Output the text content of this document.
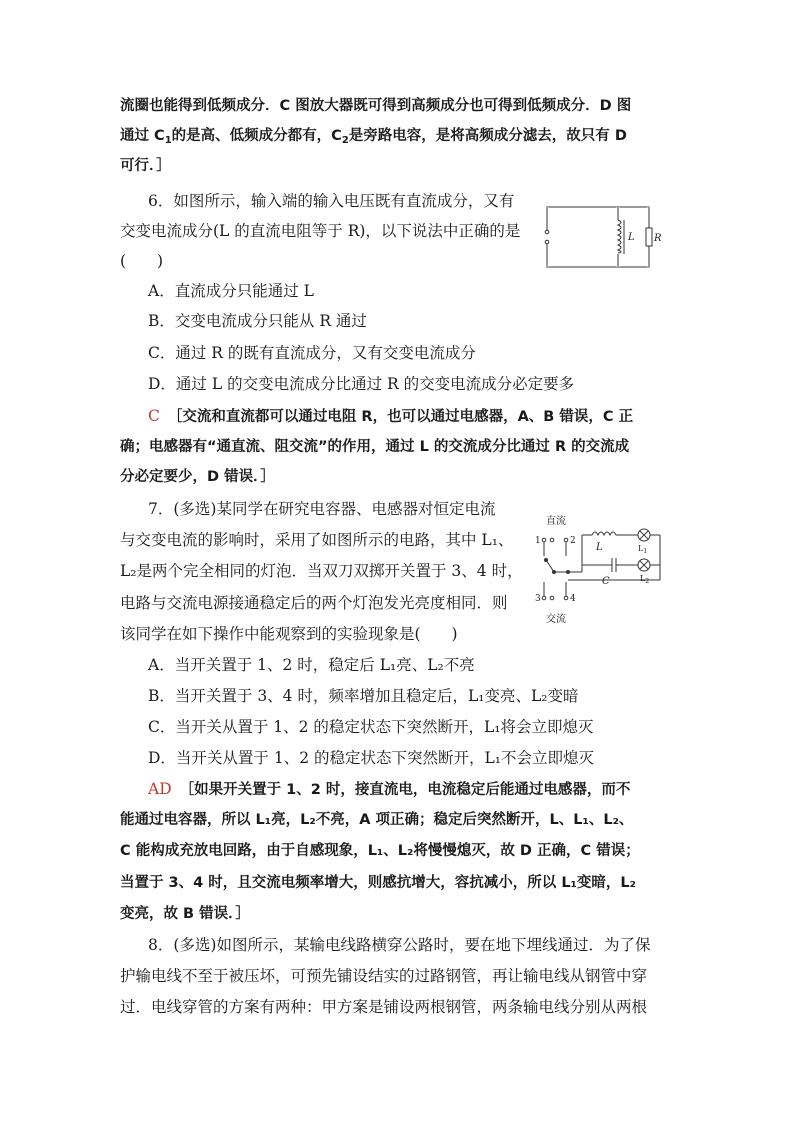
流圈也能得到低频成分．C 图放大器既可得到高频成分也可得到低频成分．D 图
通过 $C_1$的是高、低频成分都有，$C_2$是旁路电容，是将高频成分滤去，故只有 D
可行．］
6．如图所示，输入端的输入电压既有直流成分，又有
交变电流成分(L 的直流电阻等于 R)，以下说法中正确的是
(　　)
A．直流成分只能通过 L
B．交变电流成分只能从 R 通过
C．通过 R 的既有直流成分，又有交变电流成分
D．通过 L 的交变电流成分比通过 R 的交变电流成分必定要多
C ［交流和直流都可以通过电阻 R，也可以通过电感器，A、B 错误，C 正
确；电感器有“通直流、阻交流”的作用，通过 L 的交流成分比通过 R 的交流成
分必定要少，D 错误．］
L R
7．(多选)某同学在研究电容器、电感器对恒定电流
与交变电流的影响时，采用了如图所示的电路，其中 L₁、
L₂是两个完全相同的灯泡．当双刀双掷开关置于 3、4 时，
电路与交流电源接通稳定后的两个灯泡发光亮度相同．则
该同学在如下操作中能观察到的实验现象是(　　)
A．当开关置于 1、2 时，稳定后 L₁亮、L₂不亮
B．当开关置于 3、4 时，频率增加且稳定后，L₁变亮、L₂变暗
C．当开关从置于 1、2 的稳定状态下突然断开，L₁将会立即熄灭
D．当开关从置于 1、2 的稳定状态下突然断开，L₁不会立即熄灭
AD ［如果开关置于 1、2 时，接直流电，电流稳定后能通过电感器，而不
能通过电容器，所以 L₁亮，L₂不亮，A 项正确；稳定后突然断开，L、L₁、L₂、
C 能构成充放电回路，由于自感现象，L₁、L₂将慢慢熄灭，故 D 正确，C 错误；
当置于 3、4 时，且交流电频率增大，则感抗增大，容抗减小，所以 L₁变暗，L₂
变亮，故 B 错误．］
直流
交流
1	2
3	4
L
C
$L_1$
$L_2$
8．(多选)如图所示，某输电线路横穿公路时，要在地下埋线通过．为了保
护输电线不至于被压坏，可预先铺设结实的过路钢管，再让输电线从钢管中穿
过．电线穿管的方案有两种：甲方案是铺设两根钢管，两条输电线分别从两根
